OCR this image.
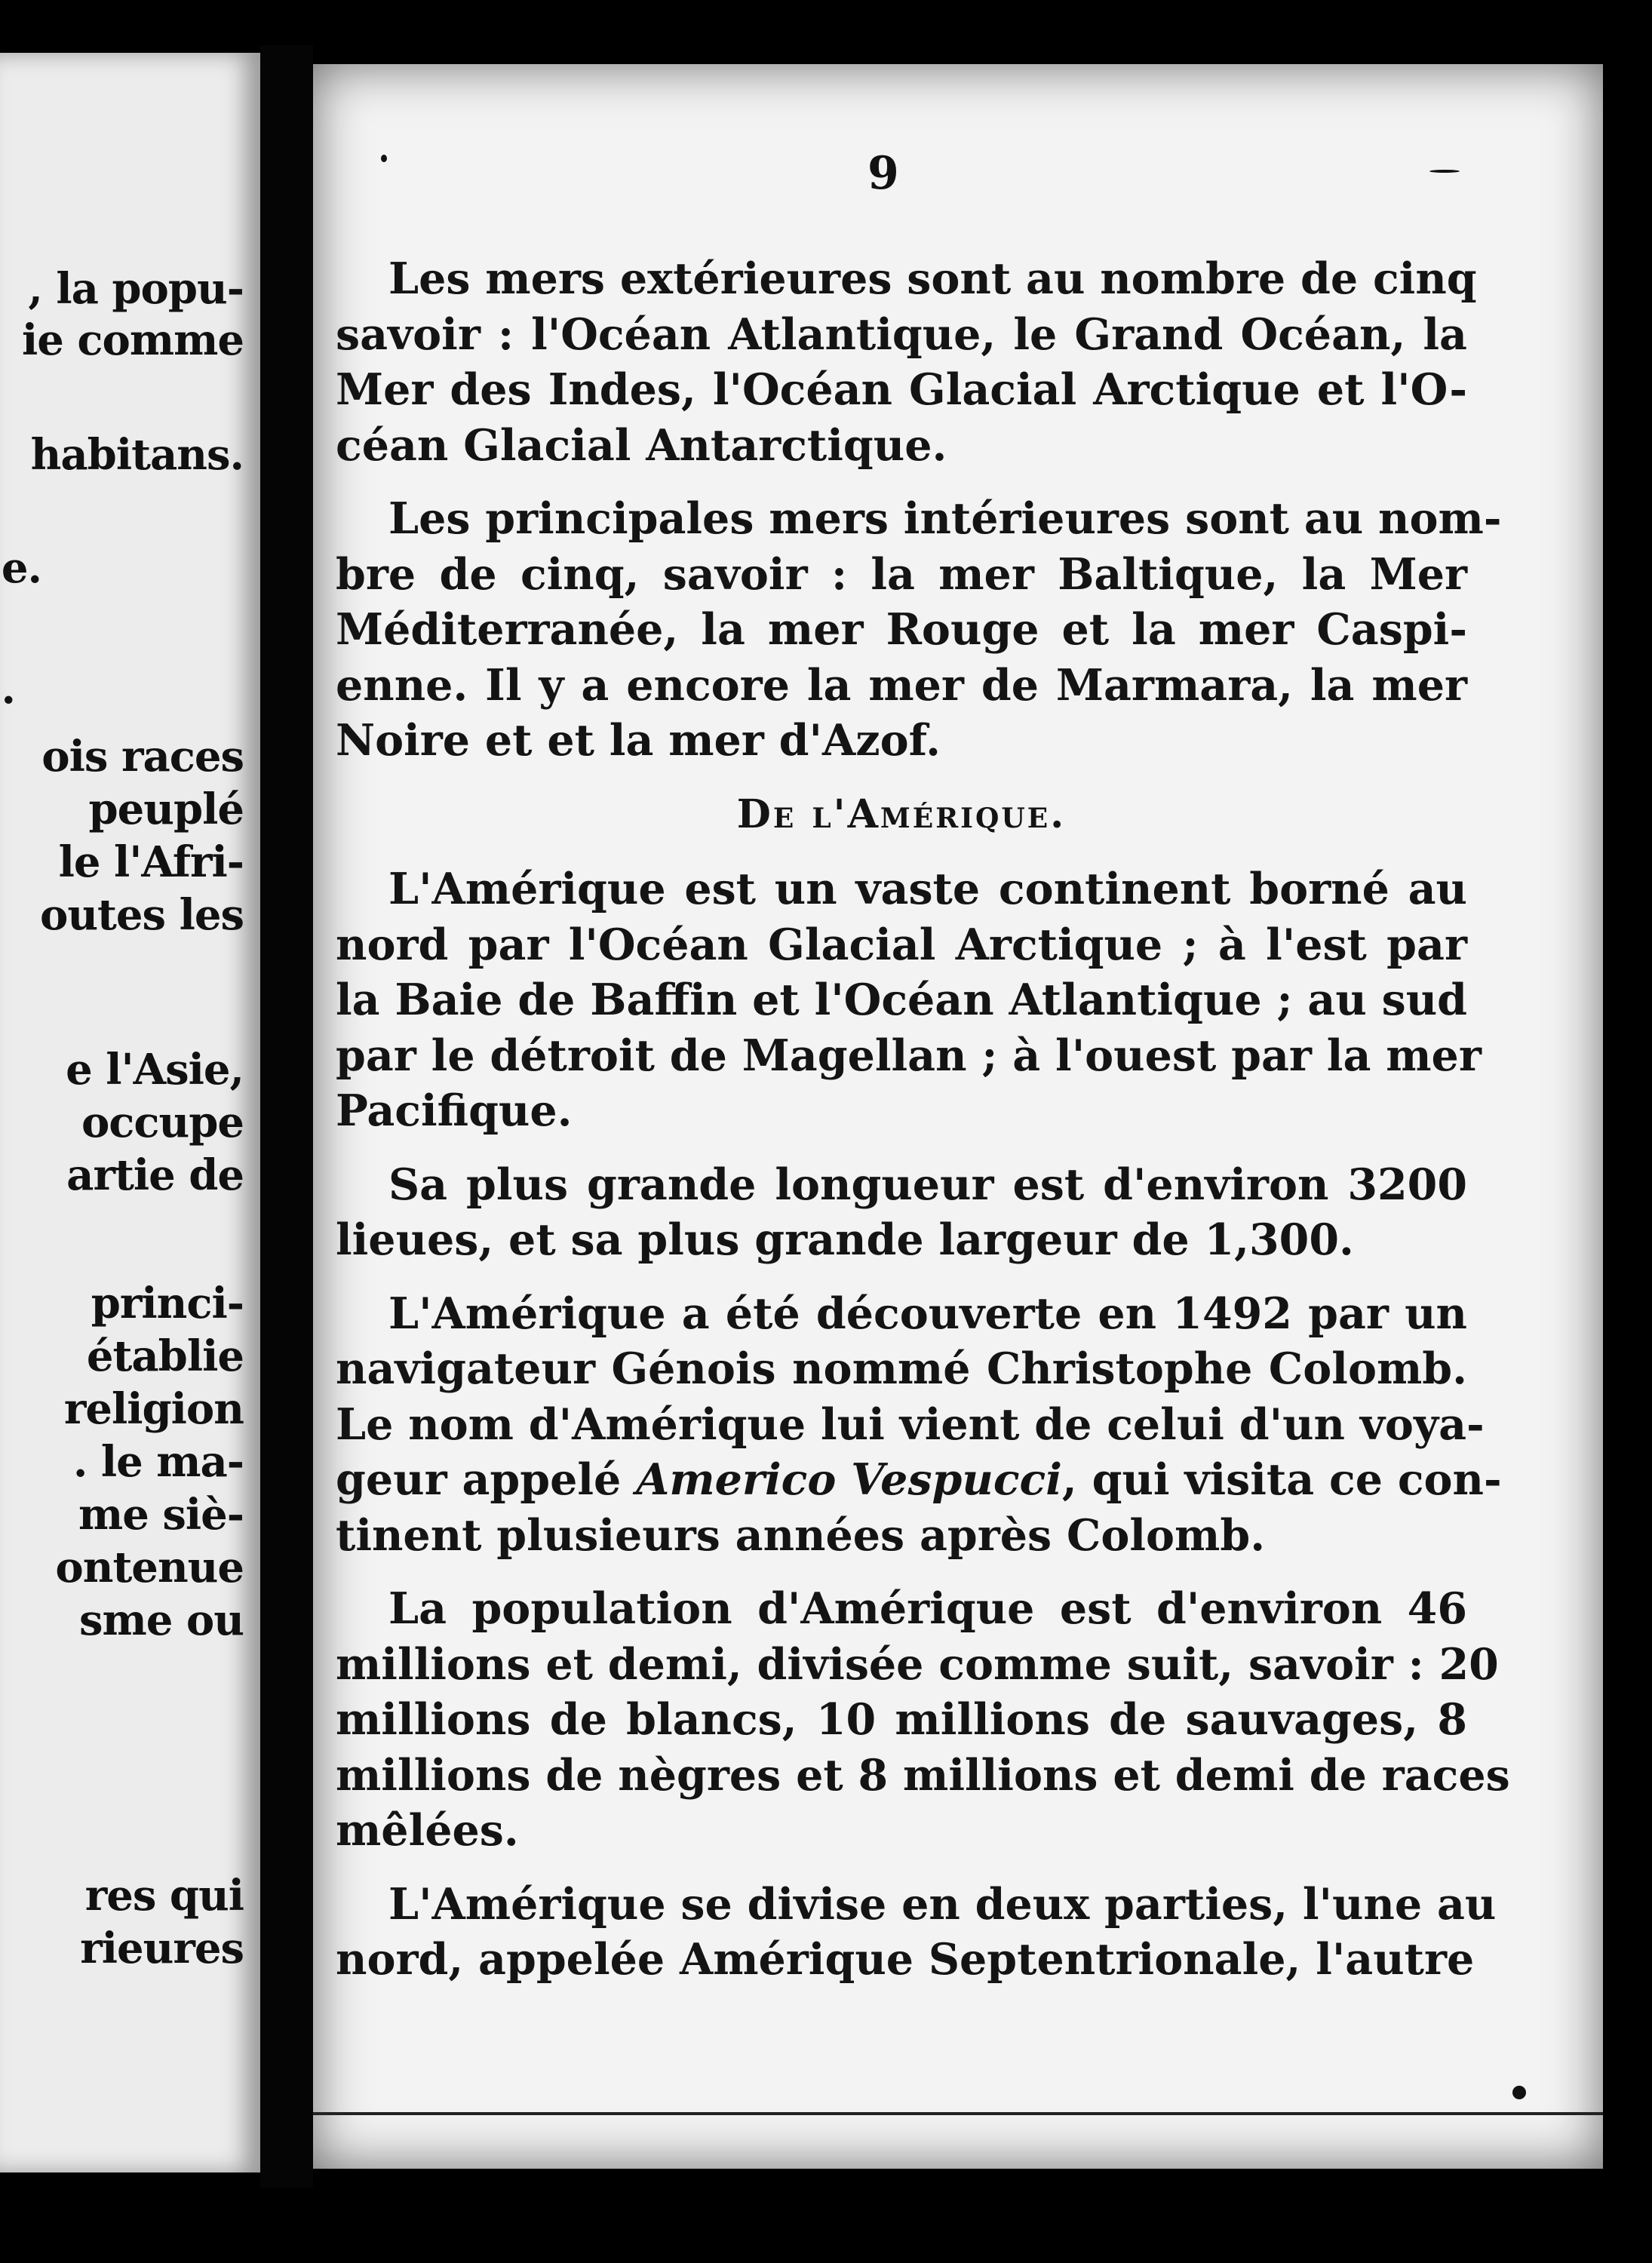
, la popu-
ie comme
habitans.
e.
.
ois races
peuplé
le l'Afri-
outes les
e l'Asie,
occupe
artie de
princi-
établie
religion
. le ma-
me siè-
ontenue
sme ou
res qui
rieures
9
Les mers extérieures sont au nombre de cinq
savoir : l'Océan Atlantique, le Grand Océan, la
Mer des Indes, l'Océan Glacial Arctique et l'O-
céan Glacial Antarctique.
Les principales mers intérieures sont au nom-
bre de cinq, savoir : la mer Baltique, la Mer
Méditerranée, la mer Rouge et la mer Caspi-
enne. Il y a encore la mer de Marmara, la mer
Noire et et la mer d'Azof.
De l'Amérique.
L'Amérique est un vaste continent borné au
nord par l'Océan Glacial Arctique ; à l'est par
la Baie de Baffin et l'Océan Atlantique ; au sud
par le détroit de Magellan ; à l'ouest par la mer
Pacifique.
Sa plus grande longueur est d'environ 3200
lieues, et sa plus grande largeur de 1,300.
L'Amérique a été découverte en 1492 par un
navigateur Génois nommé Christophe Colomb.
Le nom d'Amérique lui vient de celui d'un voya-
geur appelé Americo Vespucci, qui visita ce con-
tinent plusieurs années après Colomb.
La population d'Amérique est d'environ 46
millions et demi, divisée comme suit, savoir : 20
millions de blancs, 10 millions de sauvages, 8
millions de nègres et 8 millions et demi de races
mêlées.
L'Amérique se divise en deux parties, l'une au
nord, appelée Amérique Septentrionale, l'autre
